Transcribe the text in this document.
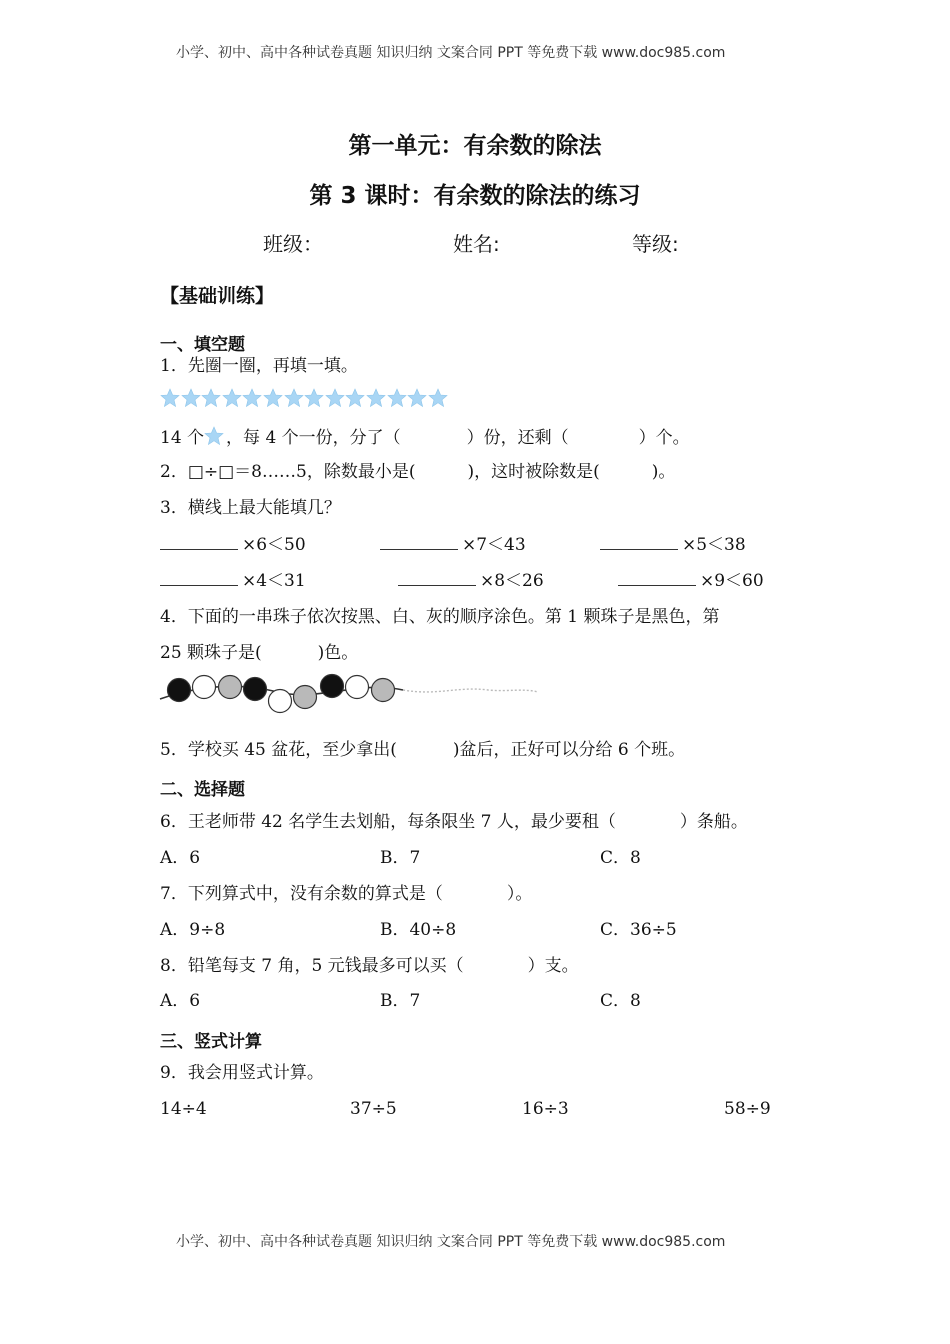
小学、初中、高中各种试卷真题 知识归纳 文案合同 PPT 等免费下载 www.doc985.com
第一单元：有余数的除法
第 3 课时：有余数的除法的练习
班级：	姓名:	等级:
【基础训练】
一、填空题
1．先圈一圈，再填一填。
14 个 ，每 4 个一份，分了（	）份，还剩（	）个。
2．□÷□＝8……5，除数最小是(	)，这时被除数是(	)。
3．横线上最大能填几？
×6＜50	×7＜43	×5＜38
×4＜31	×8＜26	×9＜60
4．下面的一串珠子依次按黑、白、灰的顺序涂色。第 1 颗珠子是黑色，第
25 颗珠子是(	)色。
5．学校买 45 盆花，至少拿出(	)盆后，正好可以分给 6 个班。
二、选择题
6．王老师带 42 名学生去划船，每条限坐 7 人，最少要租（	）条船。
A．6	B．7	C．8
7．下列算式中，没有余数的算式是（	）。
A．9÷8	B．40÷8	C．36÷5
8．铅笔每支 7 角，5 元钱最多可以买（	）支。
A．6	B．7	C．8
三、竖式计算
9．我会用竖式计算。
14÷4	37÷5	16÷3	58÷9
小学、初中、高中各种试卷真题 知识归纳 文案合同 PPT 等免费下载 www.doc985.com
